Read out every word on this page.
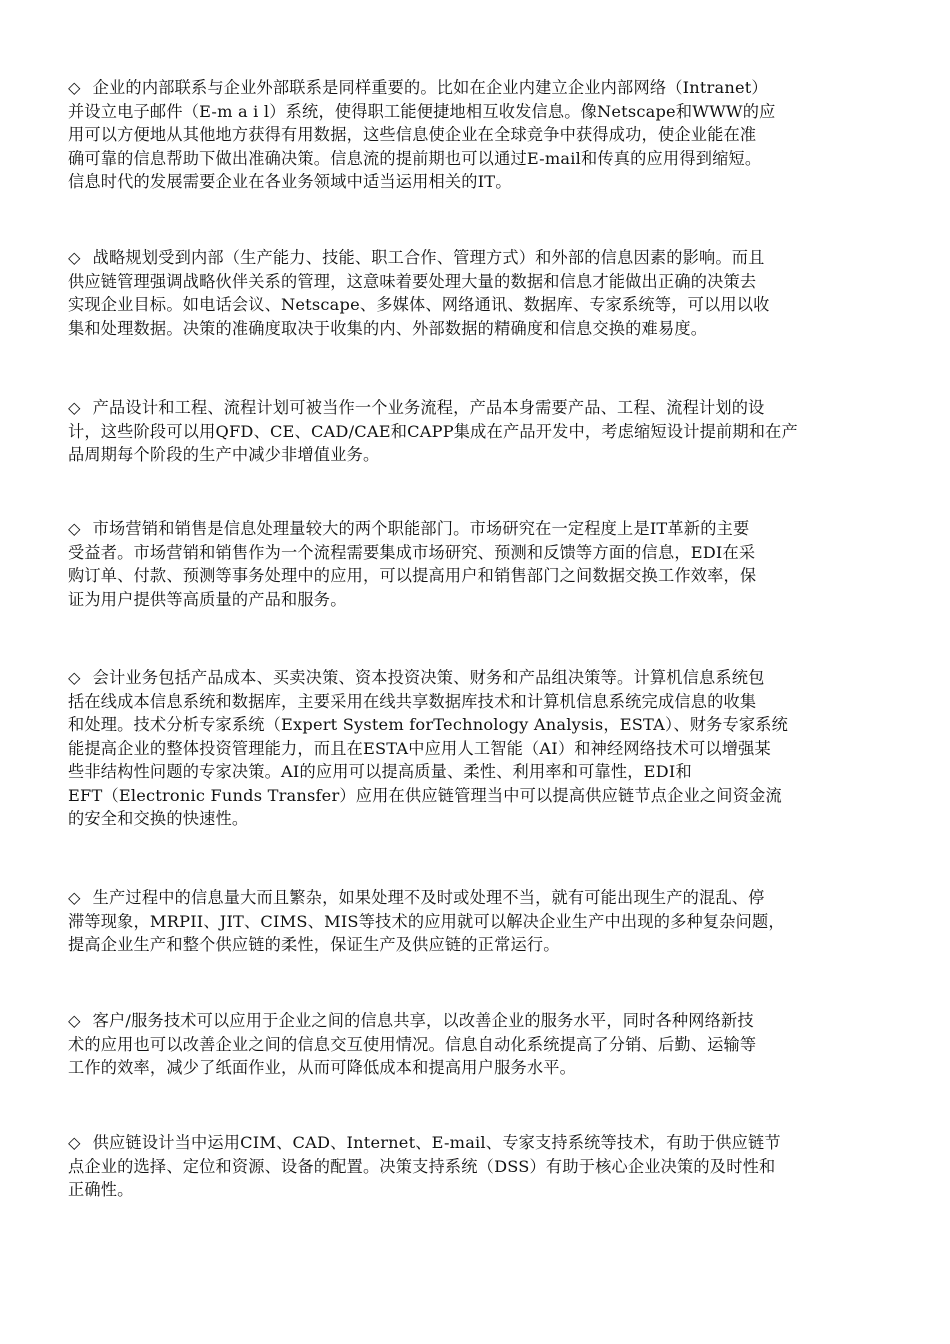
◇ 企业的内部联系与企业外部联系是同样重要的。比如在企业内建立企业内部网络（Intranet）
并设立电子邮件（E-m a i l）系统，使得职工能便捷地相互收发信息。像Netscape和WWW的应
用可以方便地从其他地方获得有用数据，这些信息使企业在全球竞争中获得成功，使企业能在准
确可靠的信息帮助下做出准确决策。信息流的提前期也可以通过E-mail和传真的应用得到缩短。
信息时代的发展需要企业在各业务领域中适当运用相关的IT。

◇ 战略规划受到内部（生产能力、技能、职工合作、管理方式）和外部的信息因素的影响。而且
供应链管理强调战略伙伴关系的管理，这意味着要处理大量的数据和信息才能做出正确的决策去
实现企业目标。如电话会议、Netscape、多媒体、网络通讯、数据库、专家系统等，可以用以收
集和处理数据。决策的准确度取决于收集的内、外部数据的精确度和信息交换的难易度。

◇ 产品设计和工程、流程计划可被当作一个业务流程，产品本身需要产品、工程、流程计划的设
计，这些阶段可以用QFD、CE、CAD/CAE和CAPP集成在产品开发中，考虑缩短设计提前期和在产
品周期每个阶段的生产中减少非增值业务。

◇ 市场营销和销售是信息处理量较大的两个职能部门。市场研究在一定程度上是IT革新的主要
受益者。市场营销和销售作为一个流程需要集成市场研究、预测和反馈等方面的信息，EDI在采
购订单、付款、预测等事务处理中的应用，可以提高用户和销售部门之间数据交换工作效率，保
证为用户提供等高质量的产品和服务。

◇ 会计业务包括产品成本、买卖决策、资本投资决策、财务和产品组决策等。计算机信息系统包
括在线成本信息系统和数据库，主要采用在线共享数据库技术和计算机信息系统完成信息的收集
和处理。技术分析专家系统（Expert System forTechnology Analysis，ESTA）、财务专家系统
能提高企业的整体投资管理能力，而且在ESTA中应用人工智能（AI）和神经网络技术可以增强某
些非结构性问题的专家决策。AI的应用可以提高质量、柔性、利用率和可靠性，EDI和
EFT（Electronic Funds Transfer）应用在供应链管理当中可以提高供应链节点企业之间资金流
的安全和交换的快速性。

◇ 生产过程中的信息量大而且繁杂，如果处理不及时或处理不当，就有可能出现生产的混乱、停
滞等现象，MRPII、JIT、CIMS、MIS等技术的应用就可以解决企业生产中出现的多种复杂问题，
提高企业生产和整个供应链的柔性，保证生产及供应链的正常运行。

◇ 客户/服务技术可以应用于企业之间的信息共享，以改善企业的服务水平，同时各种网络新技
术的应用也可以改善企业之间的信息交互使用情况。信息自动化系统提高了分销、后勤、运输等
工作的效率，减少了纸面作业，从而可降低成本和提高用户服务水平。

◇ 供应链设计当中运用CIM、CAD、Internet、E-mail、专家支持系统等技术，有助于供应链节
点企业的选择、定位和资源、设备的配置。决策支持系统（DSS）有助于核心企业决策的及时性和
正确性。
